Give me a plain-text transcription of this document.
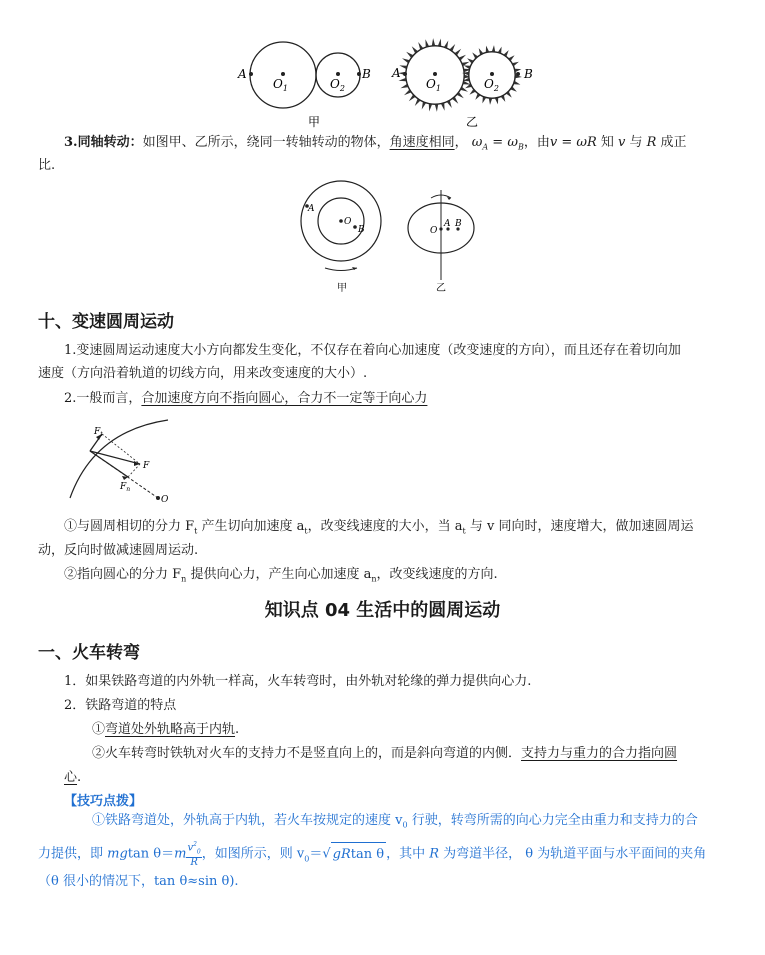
A
$O_1$	$O_2$
B
甲
A
$O_1$	$O_2$
B
乙
3.同轴转动：如图甲、乙所示，绕同一转轴转动的物体，角速度相同， $\omega_A = \omega_B$，由v = ωR 知 v 与 R 成正
比.
A
O
B
甲
O
A B
乙
十、变速圆周运动
1.变速圆周运动速度大小方向都发生变化，不仅存在着向心加速度（改变速度的方向），而且还存在着切向加
速度（方向沿着轨道的切线方向，用来改变速度的大小）.
2.一般而言，合加速度方向不指向圆心，合力不一定等于向心力
$F_t$
F
$F_n$
O
①与圆周相切的分力 $F_t$ 产生切向加速度 $a_t$，改变线速度的大小，当 $a_t$ 与 v 同向时，速度增大，做加速圆周运
动，反向时做减速圆周运动.
②指向圆心的分力 $F_n$ 提供向心力，产生向心加速度 $a_n$，改变线速度的方向.
知识点 04 生活中的圆周运动
一、火车转弯
1．如果铁路弯道的内外轨一样高，火车转弯时，由外轨对轮缘的弹力提供向心力.
2．铁路弯道的特点
①弯道处外轨略高于内轨.
②火车转弯时铁轨对火车的支持力不是竖直向上的，而是斜向弯道的内侧．支持力与重力的合力指向圆
心.
【技巧点拨】
①铁路弯道处，外轨高于内轨，若火车按规定的速度 $v_0$ 行驶，转弯所需的向心力完全由重力和支持力的合
力提供，即 mgtan $\theta=m \frac{v^2_0}{R}$ ，如图所示，则 $v_0=√$ gRtan θ ，其中 R 为弯道半径， θ 为轨道平面与水平面间的夹角
（θ 很小的情况下，tan θ≈sin θ).
